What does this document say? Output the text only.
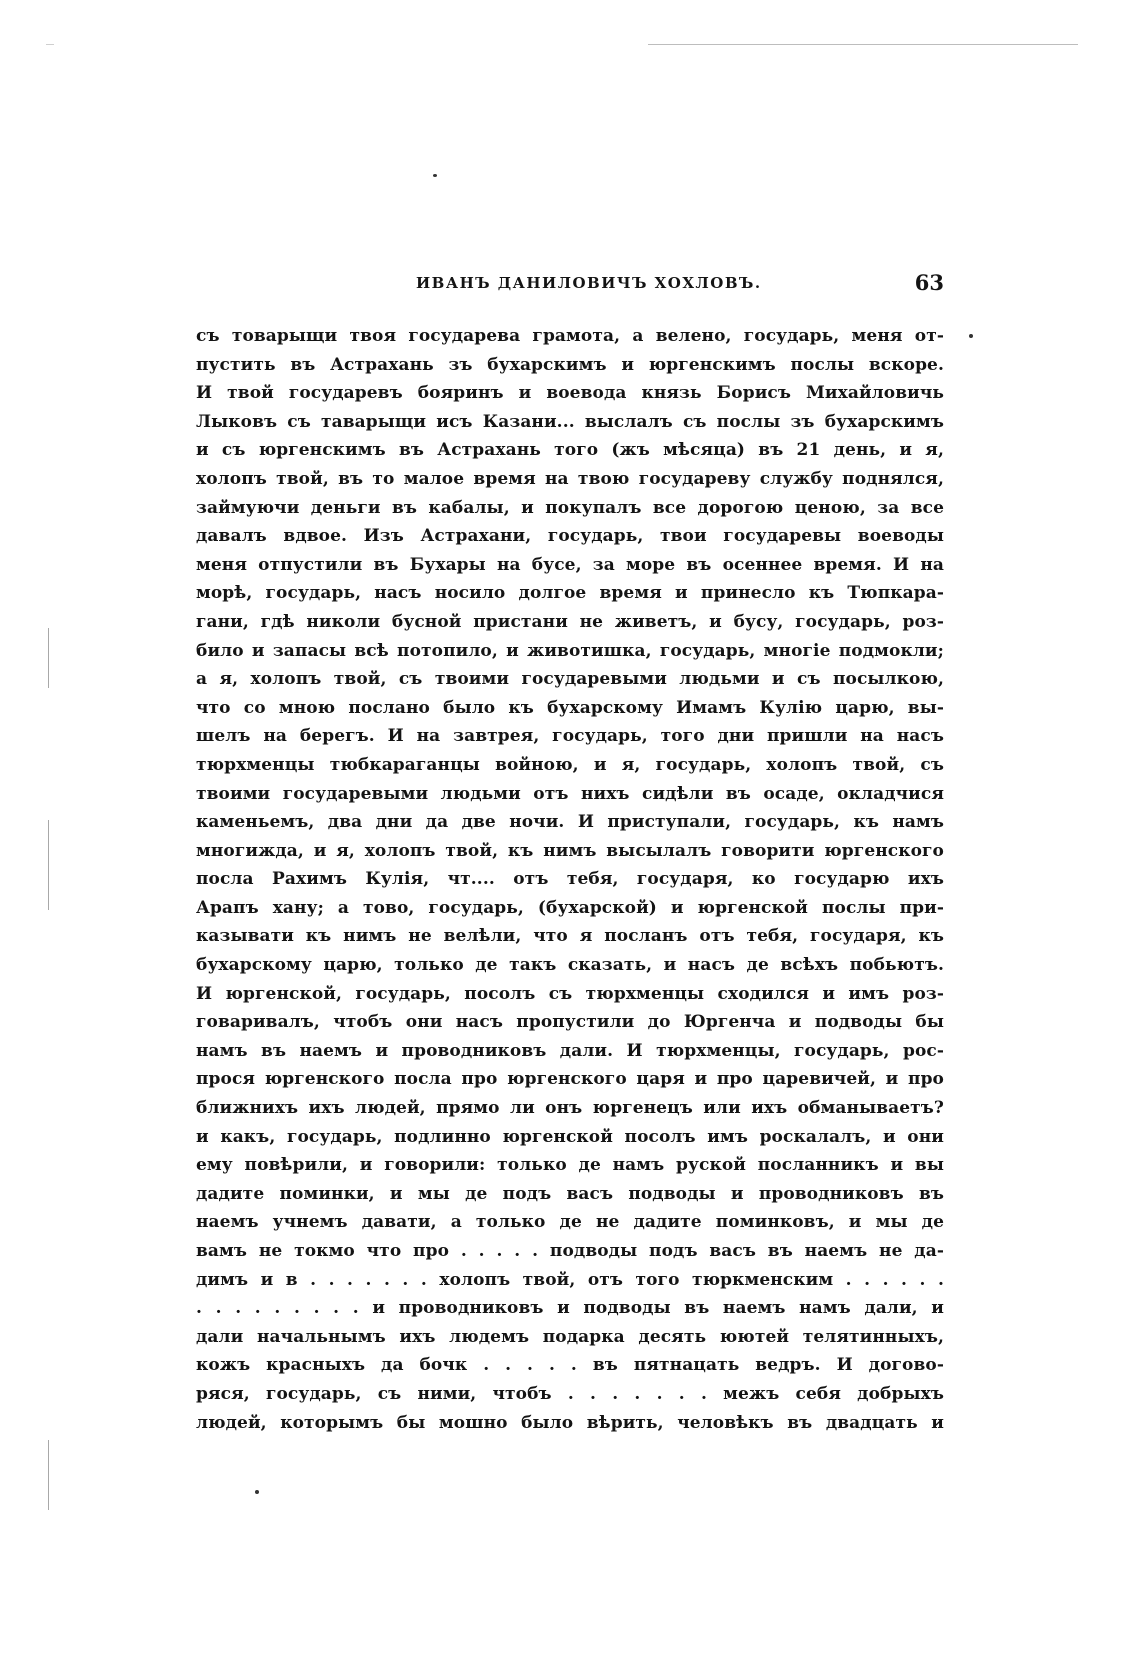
ИВАНЪ ДАНИЛОВИЧЪ ХОХЛОВЪ.	63
съ товарыщи твоя государева грамота, а велено, государь, меня от-
пустить въ Астрахань зъ бухарскимъ и юргенскимъ послы вскоре.
И твой государевъ бояринъ и воевода князь Борисъ Михайловичь
Лыковъ съ таварыщи исъ Казани... выслалъ съ послы зъ бухарскимъ
и съ юргенскимъ въ Астрахань того (жъ мѣсяца) въ 21 день, и я,
холопъ твой, въ то малое время на твою государеву службу поднялся,
займуючи деньги въ кабалы, и покупалъ все дорогою ценою, за все
давалъ вдвое. Изъ Астрахани, государь, твои государевы воеводы
меня отпустили въ Бухары на бусе, за море въ осеннее время. И на
морѣ, государь, насъ носило долгое время и принесло къ Тюпкара-
гани, гдѣ николи бусной пристани не живетъ, и бусу, государь, роз-
било и запасы всѣ потопило, и животишка, государь, многіе подмокли;
а я, холопъ твой, съ твоими государевыми людьми и съ посылкою,
что со мною послано было къ бухарскому Имамъ Кулію царю, вы-
шелъ на берегъ. И на завтрея, государь, того дни пришли на насъ
тюрхменцы тюбкараганцы войною, и я, государь, холопъ твой, съ
твоими государевыми людьми отъ нихъ сидѣли въ осаде, окладчися
каменьемъ, два дни да две ночи. И приступали, государь, къ намъ
многижда, и я, холопъ твой, къ нимъ высылалъ говорити юргенского
посла Рахимъ Кулія, чт.... отъ тебя, государя, ко государю ихъ
Арапъ хану; а тово, государь, (бухарской) и юргенской послы при-
казывати къ нимъ не велѣли, что я посланъ отъ тебя, государя, къ
бухарскому царю, только де такъ сказать, и насъ де всѣхъ побьютъ.
И юргенской, государь, посолъ съ тюрхменцы сходился и имъ роз-
говаривалъ, чтобъ они насъ пропустили до Юргенча и подводы бы
намъ въ наемъ и проводниковъ дали. И тюрхменцы, государь, рос-
прося юргенского посла про юргенского царя и про царевичей, и про
ближнихъ ихъ людей, прямо ли онъ юргенецъ или ихъ обманываетъ?
и какъ, государь, подлинно юргенской посолъ имъ роскалалъ, и они
ему повѣрили, и говорили: только де намъ руской посланникъ и вы
дадите поминки, и мы де подъ васъ подводы и проводниковъ въ
наемъ учнемъ давати, а только де не дадите поминковъ, и мы де
вамъ не токмо что про . . . . . подводы подъ васъ въ наемъ не да-
димъ и в . . . . . . . холопъ твой, отъ того тюркменским . . . . . .
. . . . . . . . . и проводниковъ и подводы въ наемъ намъ дали, и
дали начальнымъ ихъ людемъ подарка десять юютей телятинныхъ,
кожъ красныхъ да бочк . . . . . въ пятнацать ведръ. И догово-
ряся, государь, съ ними, чтобъ . . . . . . . межъ себя добрыхъ
людей, которымъ бы мошно было вѣрить, человѣкъ въ двадцать и
